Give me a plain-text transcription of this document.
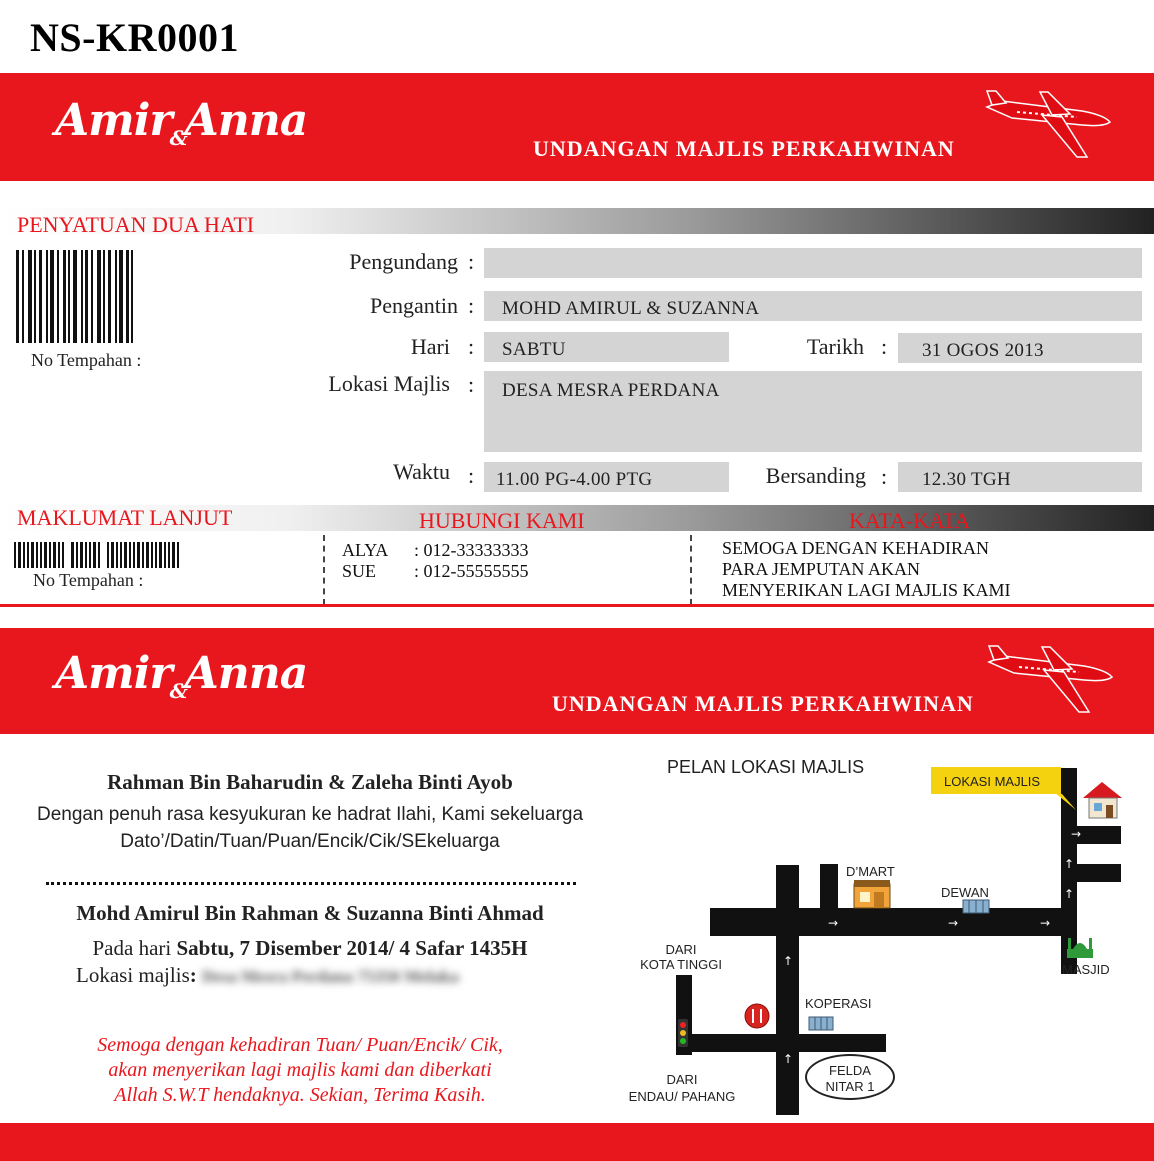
NS-KR0001
Amir$_{\&}$Anna
UNDANGAN MAJLIS PERKAHWINAN
PENYATUAN DUA HATI
No Tempahan :
Pengundang :
Pengantin :	MOHD AMIRUL & SUZANNA
Hari :	SABTU	Tarikh :	31 OGOS 2013
Lokasi Majlis :	DESA MESRA PERDANA
Waktu :	11.00 PG-4.00 PTG	Bersanding :	12.30 TGH
MAKLUMAT LANJUT	HUBUNGI KAMI	KATA-KATA
No Tempahan :
ALYA : 012-33333333
SUE : 012-55555555
SEMOGA DENGAN KEHADIRAN
PARA JEMPUTAN AKAN
MENYERIKAN LAGI MAJLIS KAMI
Amir$_{\&}$Anna
UNDANGAN MAJLIS PERKAHWINAN
Rahman Bin Baharudin & Zaleha Binti Ayob
Dengan penuh rasa kesyukuran ke hadrat Ilahi, Kami sekeluarga
Dato’/Datin/Tuan/Puan/Encik/Cik/SEkeluarga
Mohd Amirul Bin Rahman & Suzanna Binti Ahmad
Pada hari Sabtu, 7 Disember 2014/ 4 Safar 1435H
Lokasi majlis: Desa Mesra Perdana 75350 Melaka
Semoga dengan kehadiran Tuan/ Puan/Encik/ Cik,
akan menyerikan lagi majlis kami dan diberkati
Allah S.W.T hendaknya. Sekian, Terima Kasih.
PELAN LOKASI MAJLIS
→	→	→
→
↑
↑
↑
↑
LOKASI MAJLIS
D’MART
DEWAN
MASJID
KOPERASI
DARI
KOTA TINGGI
DARI
ENDAU/ PAHANG
FELDA
NITAR 1
